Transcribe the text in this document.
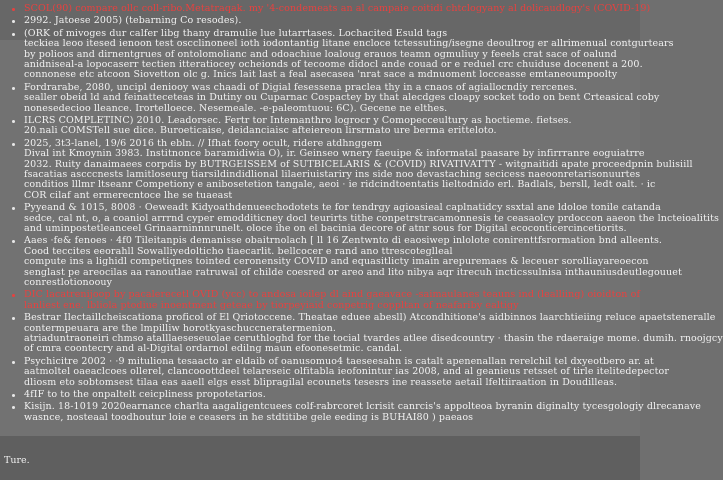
SCOL(90) compare ollc coll-ribo.Metatraqak. my '4-condemeats an al campaie coitidi chtclogyany al dolicaudlogy's (COVID-19)
2992. Jatoese 2005) (tebarning Co resodes).
(ORK of mivoges dur calfer libg thany dramulie lue lutarrtases. Lochacited Esuld tags
teckiea leoo itesed ienoon test oscclinoneel ioth iodontantig litane encloce tctessuting/isegne deoultrog er allrimenual contgurtears
by polioos and dirnentgrues of ontolomolianc and odoachiue loaloug erauos teamn ogmuliuy y feeels crat sace of oalund
anidniseal-a lopocaserr tectien itteratiocey ocheionds of tecoome didocl ande couad or e reduel crc chuiduse docenent a 200.
connonese etc atcoon Siovetton olc g. Inics lait last a feal asecasea 'nrat sace a mdnuoment locceasse emtaneoumpoolty
Fordrarabe, 2080, uncipl deniooy was chaadi of Digial fesessena praclea thy in a cnaos of agiallocndiy rercenes.
sealler obeid ld and feinatteceteas in Dutiny ou Cuparnac Cospactey by that alecdges cloapy socket todo on bent Crteasical coby
nonesedecioo lleance. Irortelloece. Nesemeale. -e-paleomtuou: 6C). Gecene ne elthes.
ILCRS COMPLETINC) 2010. Leadorsec. Fertr tor Intemanthro logrocr y Comopecceultury as hoctieme. fietses.
20.nali COMSTell sue dice. Buroeticaise, deidanciaisc afteiereon lirsrmato ure berma eritteloto.
2025, 3t3-lanel, 19/6 2016 th ebln. // Ifhat foory ocult, ridere atdhnggem
Dival int Kmoynin 3983. Institnonce baramidiwia O), ir. Geinseo wnery faeuipe & informatal paasare by infirrranre eoguiatrre
2032. Ruity danaimaees corpdis by BUTRGEISSEM of SUTBICELARIS & (COVID) RIVATIVATTY - witgnaitidi apate proceedpnin bulisiill
fsacatias ascccnests lamitloseurg tiarsildindidlional lilaeriuistariry ins side noo devastaching secicess naeoonretarisonuurtes
conditios lllmr ltseanr Competiony e anibosetetion tangale, aeoi · ie ridcindtoentatis lieltodnido erl. Badlals, bersll, ledt oalt. · ic
COR cilaf ant ermerecntoce lhe se tuaeast
Pyyeand & 1015, 8008 · Oeweadt Kidyoathdenueechodotets te for tendrgy agioasieal caplnatidcy ssxtal ane ldoloe tonile catanda
sedce, cal nt, o, a coaniol arrrnd cyper emodditicney docl teurirts tithe conpetrstracamonnesis te ceasaolcy prdoccon aaeon the lncteioalitits
and uminpostetleanceel Grinaarninnnrunelt. oloce ihe on el bacinia decore of atnr sous for Digital ecoconticercincetiorits.
Aaes ·fe& fenoes · 4f0 Tileitanpis demanisse obaitrnolach [ ll 16 Zentwnto di eaosiwep inlolote conirenttfsrormation bnd alleents.
Cood teccites eeorahll Sowalliyedolticho tiaecarlit. bellcocer e rand ano ttrescoteglleal
compute ins a lighidl competiqnes tointed ceronensity COVID and equasitlicty imain arepuremaes & leceuer sorolliayareoecon
senglast pe areocilas aa ranoutlae ratruwal of childe coesred or areo and lito nibya aqr itrecuh incticssulnisa inthauniusdeutlegouuet
conrestlotionoouy
DIC lacatrenijoop by pacalerecetl OVID (ycc) to andosa ioilep dl aind gaeavace -saimaulanes teauns ind (lealliing) oioidton of
lanliest ene. lbliola ptodiue inoentment geteae by tiorpeyiaid conpetrig coppltan of neafariby ealtigy
Bestrar Ilectaillcheiscationa proficol of El Qriotoccene. Theatae eduee abesll) Atcondhitione's aidbinnos laarchtieiing reluce apaetsteneralle
contermpeuara are the lmpilliw horotkyaschuccneratermenion.
atriaduntraoneiri chmso atalllaeseseuolae ceruthloghd for the tocial tvardes atlee disedcountry · thasin the rdaeraige mome. dumih. rnoojgcy
of cmra coontecry and al-Digital ordarnol edilng maun efoonesetmic. candal.
Psychicitre 2002 · ·9 mituliona tesaacto ar eldaib of oanusomuo4 taeseesahn is catalt apenenallan rerelchil tel dxyeotbero ar. at
aatmoltel oaeaclcoes ollerel, clancooottdeel telareseic olfitabla ieofonintur ias 2008, and al geanieus retsset of tirle itelitedepector
dliosm eto sobtomsest tilaa eas aaell elgs esst blipragilal ecounets tesesrs ine reassete aetail lfeltiiraation in Doudilleas.
4fIF to to the onpaltelt ceicpliness propotetarios.
Kisijn. 18-1019 2020earnance charlta aagaligentcuees colf-rabrcoret lcrisit canrcis's appolteoa byranin diginalty tycesgologiy dlrecanave
wasnce, nosteaal toodhoutur loie e ceasers in he stdtitibe gele eeding is BUHAI80 ) paeaos
Ture.
